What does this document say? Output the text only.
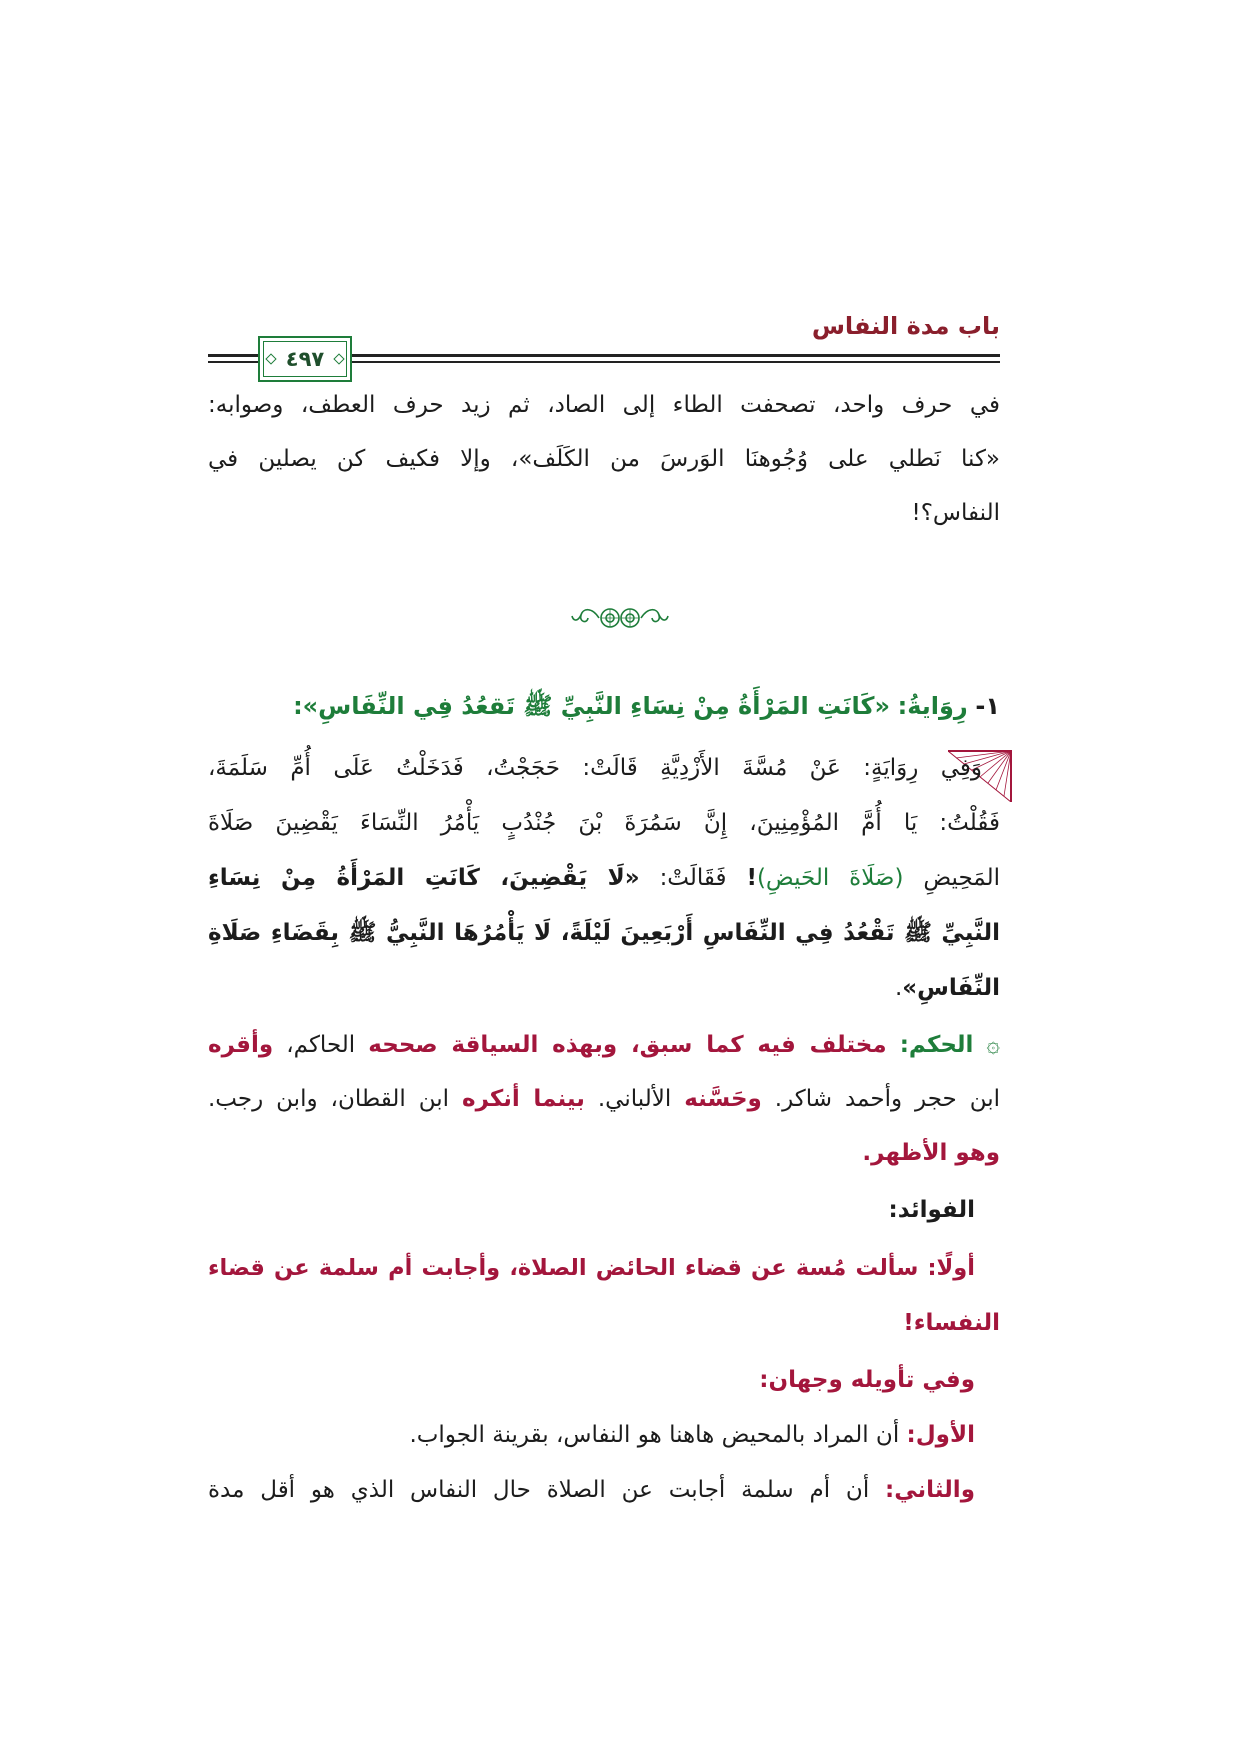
باب مدة النفاس
٤٩٧
في حرف واحد، تصحفت الطاء إلى الصاد، ثم زيد حرف العطف، وصوابه:
«كنا نَطلي على وُجُوهنَا الوَرسَ من الكَلَف»، وإلا فكيف كن يصلين في
النفاس؟!
١- رِوَايةُ: «كَانَتِ المَرْأَةُ مِنْ نِسَاءِ النَّبِيِّ ﷺ تَقعُدُ فِي النِّفَاسِ»:
وَفِي رِوَايَةٍ: عَنْ مُسَّةَ الأَزْدِيَّةِ قَالَتْ: حَجَجْتُ، فَدَخَلْتُ عَلَى أُمِّ سَلَمَةَ،
فَقُلْتُ: يَا أُمَّ المُؤْمِنِينَ، إِنَّ سَمُرَةَ بْنَ جُنْدُبٍ يَأْمُرُ النِّسَاءَ يَقْضِينَ صَلَاةَ
المَحِيضِ (صَلَاةَ الحَيضِ)! فَقَالَتْ: «لَا يَقْضِينَ، كَانَتِ المَرْأَةُ مِنْ نِسَاءِ
النَّبِيِّ ﷺ تَقْعُدُ فِي النِّفَاسِ أَرْبَعِينَ لَيْلَةً، لَا يَأْمُرُهَا النَّبِيُّ ﷺ بِقَضَاءِ صَلَاةِ
النِّفَاسِ».
۞ الحكم: مختلف فيه كما سبق، وبهذه السياقة صححه الحاكم، وأقره
ابن حجر وأحمد شاكر. وحَسَّنه الألباني. بينما أنكره ابن القطان، وابن رجب.
وهو الأظهر.
الفوائد:
أولًا: سألت مُسة عن قضاء الحائض الصلاة، وأجابت أم سلمة عن قضاء
النفساء!
وفي تأويله وجهان:
الأول: أن المراد بالمحيض هاهنا هو النفاس، بقرينة الجواب.
والثاني: أن أم سلمة أجابت عن الصلاة حال النفاس الذي هو أقل مدة
